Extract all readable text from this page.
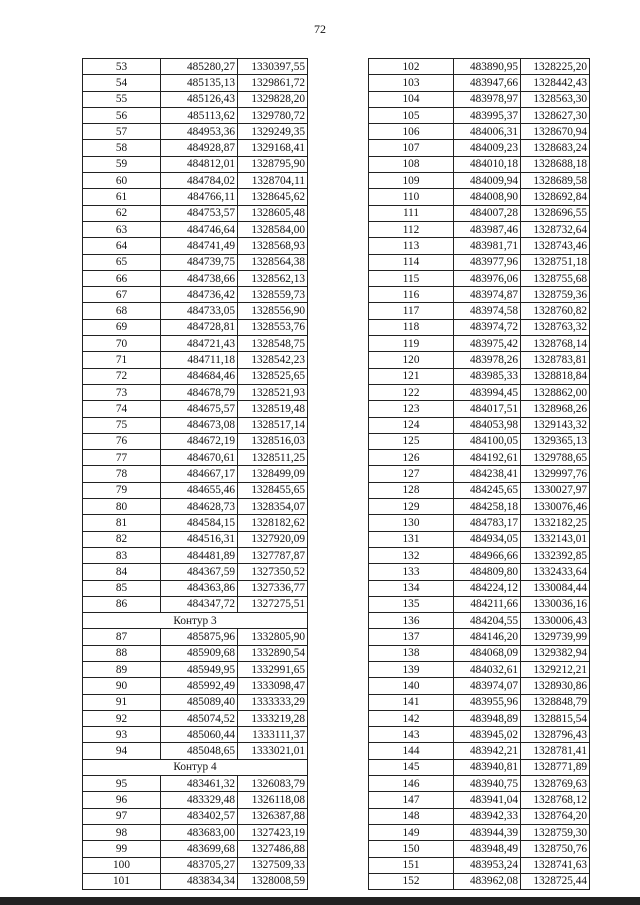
72
53	485280,27	1330397,55
54	485135,13	1329861,72
55	485126,43	1329828,20
56	485113,62	1329780,72
57	484953,36	1329249,35
58	484928,87	1329168,41
59	484812,01	1328795,90
60	484784,02	1328704,11
61	484766,11	1328645,62
62	484753,57	1328605,48
63	484746,64	1328584,00
64	484741,49	1328568,93
65	484739,75	1328564,38
66	484738,66	1328562,13
67	484736,42	1328559,73
68	484733,05	1328556,90
69	484728,81	1328553,76
70	484721,43	1328548,75
71	484711,18	1328542,23
72	484684,46	1328525,65
73	484678,79	1328521,93
74	484675,57	1328519,48
75	484673,08	1328517,14
76	484672,19	1328516,03
77	484670,61	1328511,25
78	484667,17	1328499,09
79	484655,46	1328455,65
80	484628,73	1328354,07
81	484584,15	1328182,62
82	484516,31	1327920,09
83	484481,89	1327787,87
84	484367,59	1327350,52
85	484363,86	1327336,77
86	484347,72	1327275,51
Контур 3		
87	485875,96	1332805,90
88	485909,68	1332890,54
89	485949,95	1332991,65
90	485992,49	1333098,47
91	485089,40	1333333,29
92	485074,52	1333219,28
93	485060,44	1333111,37
94	485048,65	1333021,01
Контур 4		
95	483461,32	1326083,79
96	483329,48	1326118,08
97	483402,57	1326387,88
98	483683,00	1327423,19
99	483699,68	1327486,88
100	483705,27	1327509,33
101	483834,34	1328008,59
102	483890,95	1328225,20
103	483947,66	1328442,43
104	483978,97	1328563,30
105	483995,37	1328627,30
106	484006,31	1328670,94
107	484009,23	1328683,24
108	484010,18	1328688,18
109	484009,94	1328689,58
110	484008,90	1328692,84
111	484007,28	1328696,55
112	483987,46	1328732,64
113	483981,71	1328743,46
114	483977,96	1328751,18
115	483976,06	1328755,68
116	483974,87	1328759,36
117	483974,58	1328760,82
118	483974,72	1328763,32
119	483975,42	1328768,14
120	483978,26	1328783,81
121	483985,33	1328818,84
122	483994,45	1328862,00
123	484017,51	1328968,26
124	484053,98	1329143,32
125	484100,05	1329365,13
126	484192,61	1329788,65
127	484238,41	1329997,76
128	484245,65	1330027,97
129	484258,18	1330076,46
130	484783,17	1332182,25
131	484934,05	1332143,01
132	484966,66	1332392,85
133	484809,80	1332433,64
134	484224,12	1330084,44
135	484211,66	1330036,16
136	484204,55	1330006,43
137	484146,20	1329739,99
138	484068,09	1329382,94
139	484032,61	1329212,21
140	483974,07	1328930,86
141	483955,96	1328848,79
142	483948,89	1328815,54
143	483945,02	1328796,43
144	483942,21	1328781,41
145	483940,81	1328771,89
146	483940,75	1328769,63
147	483941,04	1328768,12
148	483942,33	1328764,20
149	483944,39	1328759,30
150	483948,49	1328750,76
151	483953,24	1328741,63
152	483962,08	1328725,44
